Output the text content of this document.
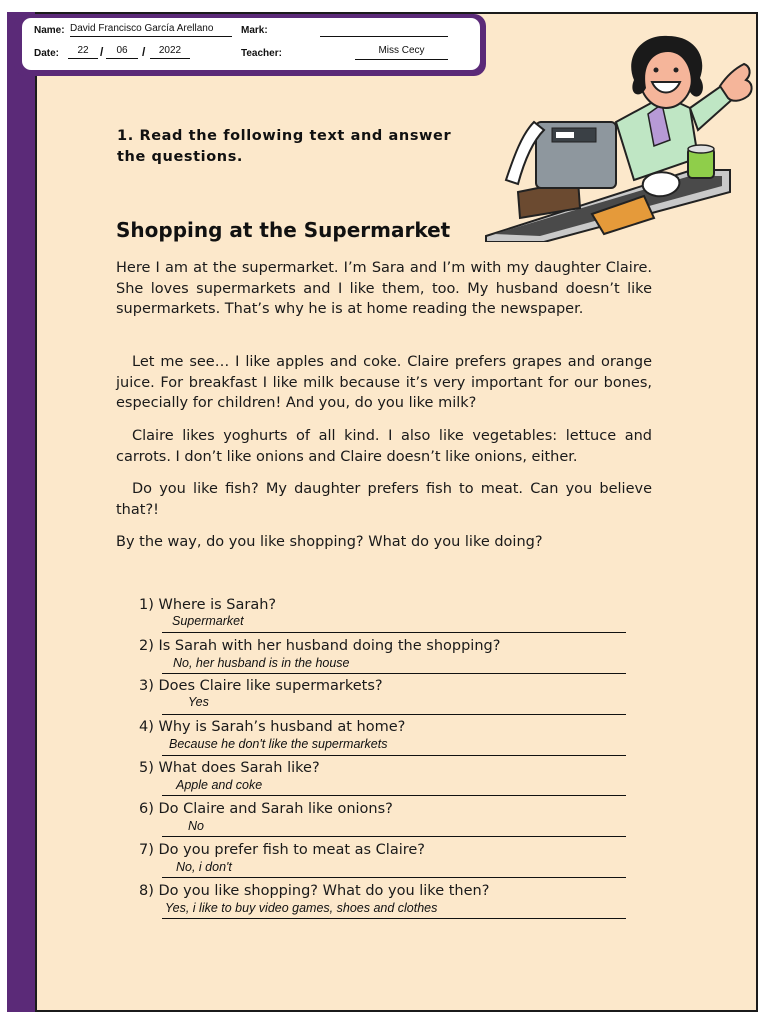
Name: David Francisco García Arellano	Mark:
Date:	22 /	06	/	2022	Teacher:	Miss Cecy
1. Read the following text and answer the questions.
Shopping at the Supermarket
Here I am at the supermarket. I’m Sara and I’m with my daughter Claire. She loves supermarkets and I like them, too. My husband doesn’t like supermarkets. That’s why he is at home reading the newspaper.
Let me see… I like apples and coke. Claire prefers grapes and orange juice. For breakfast I like milk because it’s very important for our bones, especially for children! And you, do you like milk?
Claire likes yoghurts of all kind. I also like vegetables: lettuce and carrots. I don’t like onions and Claire doesn’t like onions, either.
Do you like fish? My daughter prefers fish to meat. Can you believe that?!
By the way, do you like shopping? What do you like doing?
1) Where is Sarah?
Supermarket
2) Is Sarah with her husband doing the shopping?
No, her husband is in the house
3) Does Claire like supermarkets?
Yes
4) Why is Sarah’s husband at home?
Because he don't like the supermarkets
5) What does Sarah like?
Apple and coke
6) Do Claire and Sarah like onions?
No
7) Do you prefer fish to meat as Claire?
No, i don't
8) Do you like shopping? What do you like then?
Yes, i like to buy video games, shoes and clothes
